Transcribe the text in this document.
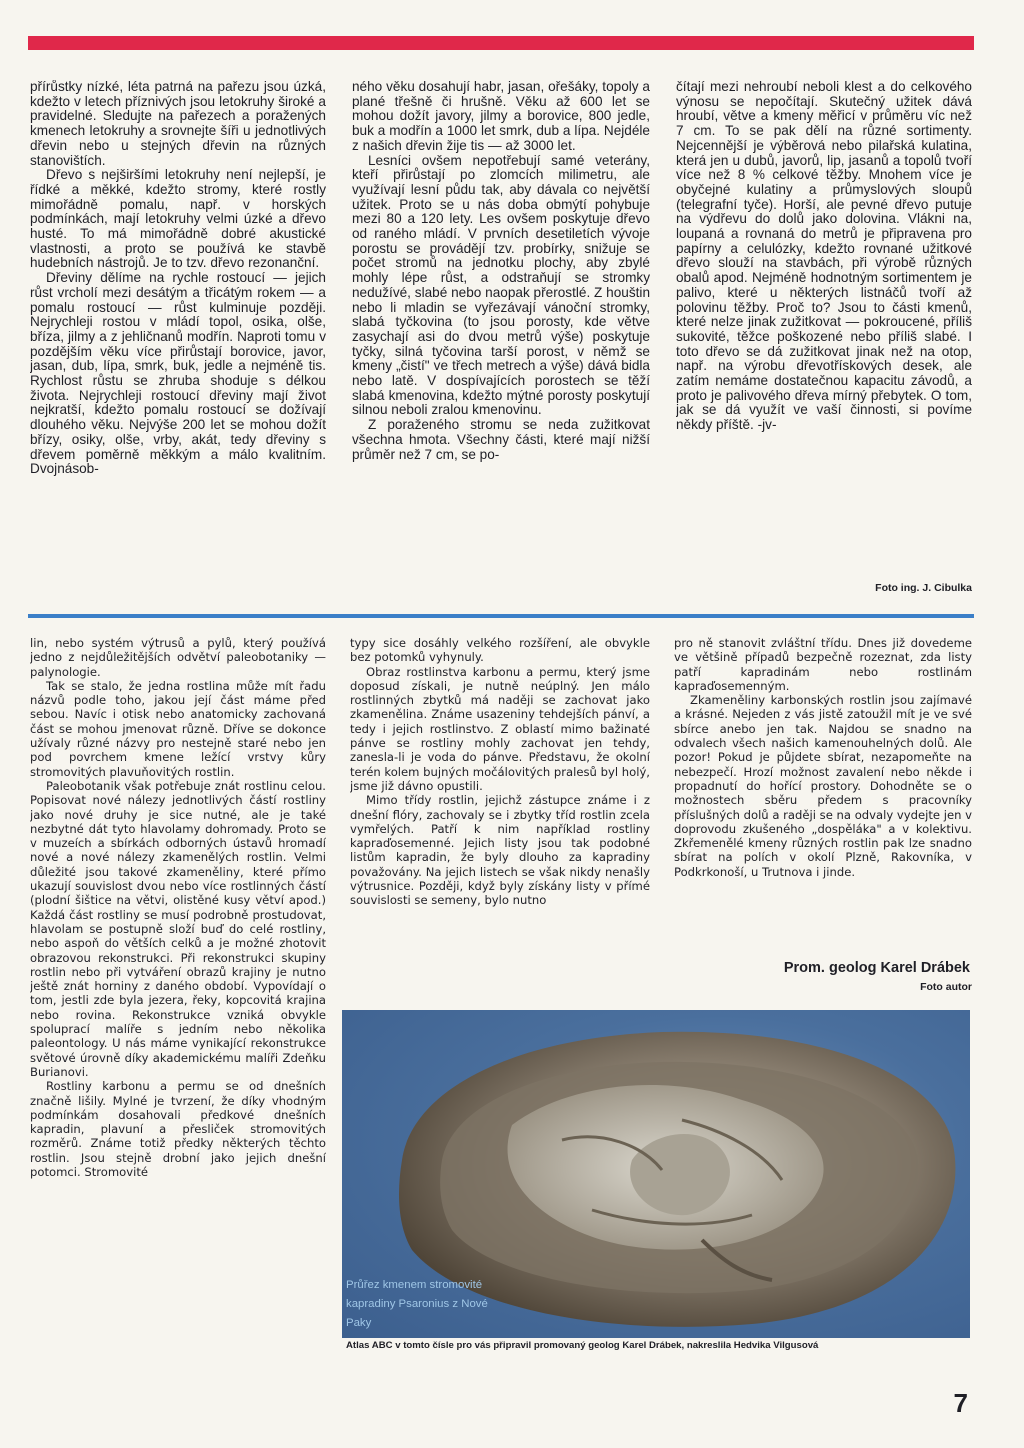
přírůstky nízké, léta patrná na pařezu jsou úzká, kdežto v letech příznivých jsou letokruhy široké a pravidelné. Sledujte na pařezech a poražených kmenech letokruhy a srovnejte šíři u jednotlivých dřevin nebo u stejných dřevin na různých stanovištích.

Dřevo s nejširšími letokruhy není nejlepší, je řídké a měkké, kdežto stromy, které rostly mimořádně pomalu, např. v horských podmínkách, mají letokruhy velmi úzké a dřevo husté. To má mimořádně dobré akustické vlastnosti, a proto se používá ke stavbě hudebních nástrojů. Je to tzv. dřevo rezonanční.

Dřeviny dělíme na rychle rostoucí — jejich růst vrcholí mezi desátým a třicátým rokem — a pomalu rostoucí — růst kulminuje později. Nejrychleji rostou v mládí topol, osika, olše, bříza, jilmy a z jehličnanů modřín. Naproti tomu v pozdějším věku více přirůstají borovice, javor, jasan, dub, lípa, smrk, buk, jedle a nejméně tis. Rychlost růstu se zhruba shoduje s délkou života. Nejrychleji rostoucí dřeviny mají život nejkratší, kdežto pomalu rostoucí se dožívají dlouhého věku. Nejvýše 200 let se mohou dožít břízy, osiky, olše, vrby, akát, tedy dřeviny s dřevem poměrně měkkým a málo kvalitním. Dvojnásob-

ného věku dosahují habr, jasan, ořešáky, topoly a plané třešně či hrušně. Věku až 600 let se mohou dožít javory, jilmy a borovice, 800 jedle, buk a modřín a 1000 let smrk, dub a lípa. Nejdéle z našich dřevin žije tis — až 3000 let.

Lesníci ovšem nepotřebují samé veterány, kteří přirůstají po zlomcích milimetru, ale využívají lesní půdu tak, aby dávala co největší užitek. Proto se u nás doba obmýtí pohybuje mezi 80 a 120 lety. Les ovšem poskytuje dřevo od raného mládí. V prvních desetiletích vývoje porostu se provádějí tzv. probírky, snižuje se počet stromů na jednotku plochy, aby zbylé mohly lépe růst, a odstraňují se stromky nedužívé, slabé nebo naopak přerostlé. Z houštin nebo li mladin se vyřezávají vánoční stromky, slabá tyčkovina (to jsou porosty, kde větve zasychají asi do dvou metrů výše) poskytuje tyčky, silná tyčovina tarší porost, v němž se kmeny „čistí" ve třech metrech a výše) dává bidla nebo latě. V dospívajících porostech se těží slabá kmenovina, kdežto mýtné porosty poskytují silnou neboli zralou kmenovinu.

Z poraženého stromu se neda zužitkovat všechna hmota. Všechny části, které mají nižší průměr než 7 cm, se po-

čítají mezi nehroubí neboli klest a do celkového výnosu se nepočítají. Skutečný užitek dává hroubí, větve a kmeny měřicí v průměru víc než 7 cm. To se pak dělí na různé sortimenty. Nejcennější je výběrová nebo pilařská kulatina, která jen u dubů, javorů, lip, jasanů a topolů tvoří více než 8 % celkové těžby. Mnohem více je obyčejné kulatiny a průmyslových sloupů (telegrafní tyče). Horší, ale pevné dřevo putuje na výdřevu do dolů jako dolovina. Vlákni na, loupaná a rovnaná do metrů je připravena pro papírny a celulózky, kdežto rovnané užitkové dřevo slouží na stavbách, při výrobě různých obalů apod. Nejméně hodnotným sortimentem je palivo, které u některých listnáčů tvoří až polovinu těžby. Proč to? Jsou to části kmenů, které nelze jinak zužitkovat — pokroucené, příliš sukovité, těžce poškozené nebo příliš slabé. I toto dřevo se dá zužitkovat jinak než na otop, např. na výrobu dřevotřískových desek, ale zatím nemáme dostatečnou kapacitu závodů, a proto je palivového dřeva mírný přebytek. O tom, jak se dá využít ve vaší činnosti, si povíme někdy příště. -jv-

Foto ing. J. Cibulka

lin, nebo systém výtrusů a pylů, který používá jedno z nejdůležitějších odvětví paleobotaniky — palynologie.

Tak se stalo, že jedna rostlina může mít řadu názvů podle toho, jakou její část máme před sebou. Navíc i otisk nebo anatomicky zachovaná část se mohou jmenovat různě. Dříve se dokonce užívaly různé názvy pro nestejně staré nebo jen pod povrchem kmene ležící vrstvy kůry stromovitých plavuňovitých rostlin.

Paleobotanik však potřebuje znát rostlinu celou. Popisovat nové nálezy jednotlivých částí rostliny jako nové druhy je sice nutné, ale je také nezbytné dát tyto hlavolamy dohromady. Proto se v muzeích a sbírkách odborných ústavů hromadí nové a nové nálezy zkamenělých rostlin. Velmi důležité jsou takové zkameněliny, které přímo ukazují souvislost dvou nebo více rostlinných částí (plodní šištice na větvi, olistěné kusy větví apod.) Každá část rostliny se musí podrobně prostudovat, hlavolam se postupně složí buď do celé rostliny, nebo aspoň do větších celků a je možné zhotovit obrazovou rekonstrukci. Při rekonstrukci skupiny rostlin nebo při vytváření obrazů krajiny je nutno ještě znát horniny z daného období. Vypovídají o tom, jestli zde byla jezera, řeky, kopcovitá krajina nebo rovina. Rekonstrukce vzniká obvykle spoluprací malíře s jedním nebo několika paleontology. U nás máme vynikající rekonstrukce světové úrovně díky akademickému malíři Zdeňku Burianovi.

Rostliny karbonu a permu se od dnešních značně lišily. Mylné je tvrzení, že díky vhodným podmínkám dosahovali předkové dnešních kapradin, plavuní a přesliček stromovitých rozměrů. Známe totiž předky některých těchto rostlin. Jsou stejně drobní jako jejich dnešní potomci. Stromovité

typy sice dosáhly velkého rozšíření, ale obvykle bez potomků vyhynuly.

Obraz rostlinstva karbonu a permu, který jsme doposud získali, je nutně neúplný. Jen málo rostlinných zbytků má naději se zachovat jako zkamenělina. Známe usazeniny tehdejších pánví, a tedy i jejich rostlinstvo. Z oblastí mimo bažinaté pánve se rostliny mohly zachovat jen tehdy, zanesla-li je voda do pánve. Představu, že okolní terén kolem bujných močálovitých pralesů byl holý, jsme již dávno opustili.

Mimo třídy rostlin, jejichž zástupce známe i z dnešní flóry, zachovaly se i zbytky tříd rostlin zcela vymřelých. Patří k nim například rostliny kapraďosemenné. Jejich listy jsou tak podobné listům kapradin, že byly dlouho za kapradiny považovány. Na jejich listech se však nikdy nenašly výtrusnice. Později, když byly získány listy v přímé souvislosti se semeny, bylo nutno

pro ně stanovit zvláštní třídu. Dnes již dovedeme ve většině případů bezpečně rozeznat, zda listy patří kapradinám nebo rostlinám kapraďosemenným.

Zkameněliny karbonských rostlin jsou zajímavé a krásné. Nejeden z vás jistě zatoužil mít je ve své sbírce anebo jen tak. Najdou se snadno na odvalech všech našich kamenouhelných dolů. Ale pozor! Pokud je půjdete sbírat, nezapomeňte na nebezpečí. Hrozí možnost zavalení nebo někde i propadnutí do hořící prostory. Dohodněte se o možnostech sběru předem s pracovníky příslušných dolů a raději se na odvaly vydejte jen v doprovodu zkušeného „dospěláka" a v kolektivu. Zkřemenělé kmeny různých rostlin pak lze snadno sbírat na polích v okolí Plzně, Rakovníka, v Podkrkonoší, u Trutnova i jinde.

Prom. geolog Karel Drábek
Foto autor
Průřez kmenem stromovité kapradiny Psaronius z Nové Paky
Atlas ABC v tomto čísle pro vás připravil promovaný geolog Karel Drábek, nakreslila Hedvika Vilgusová
7
